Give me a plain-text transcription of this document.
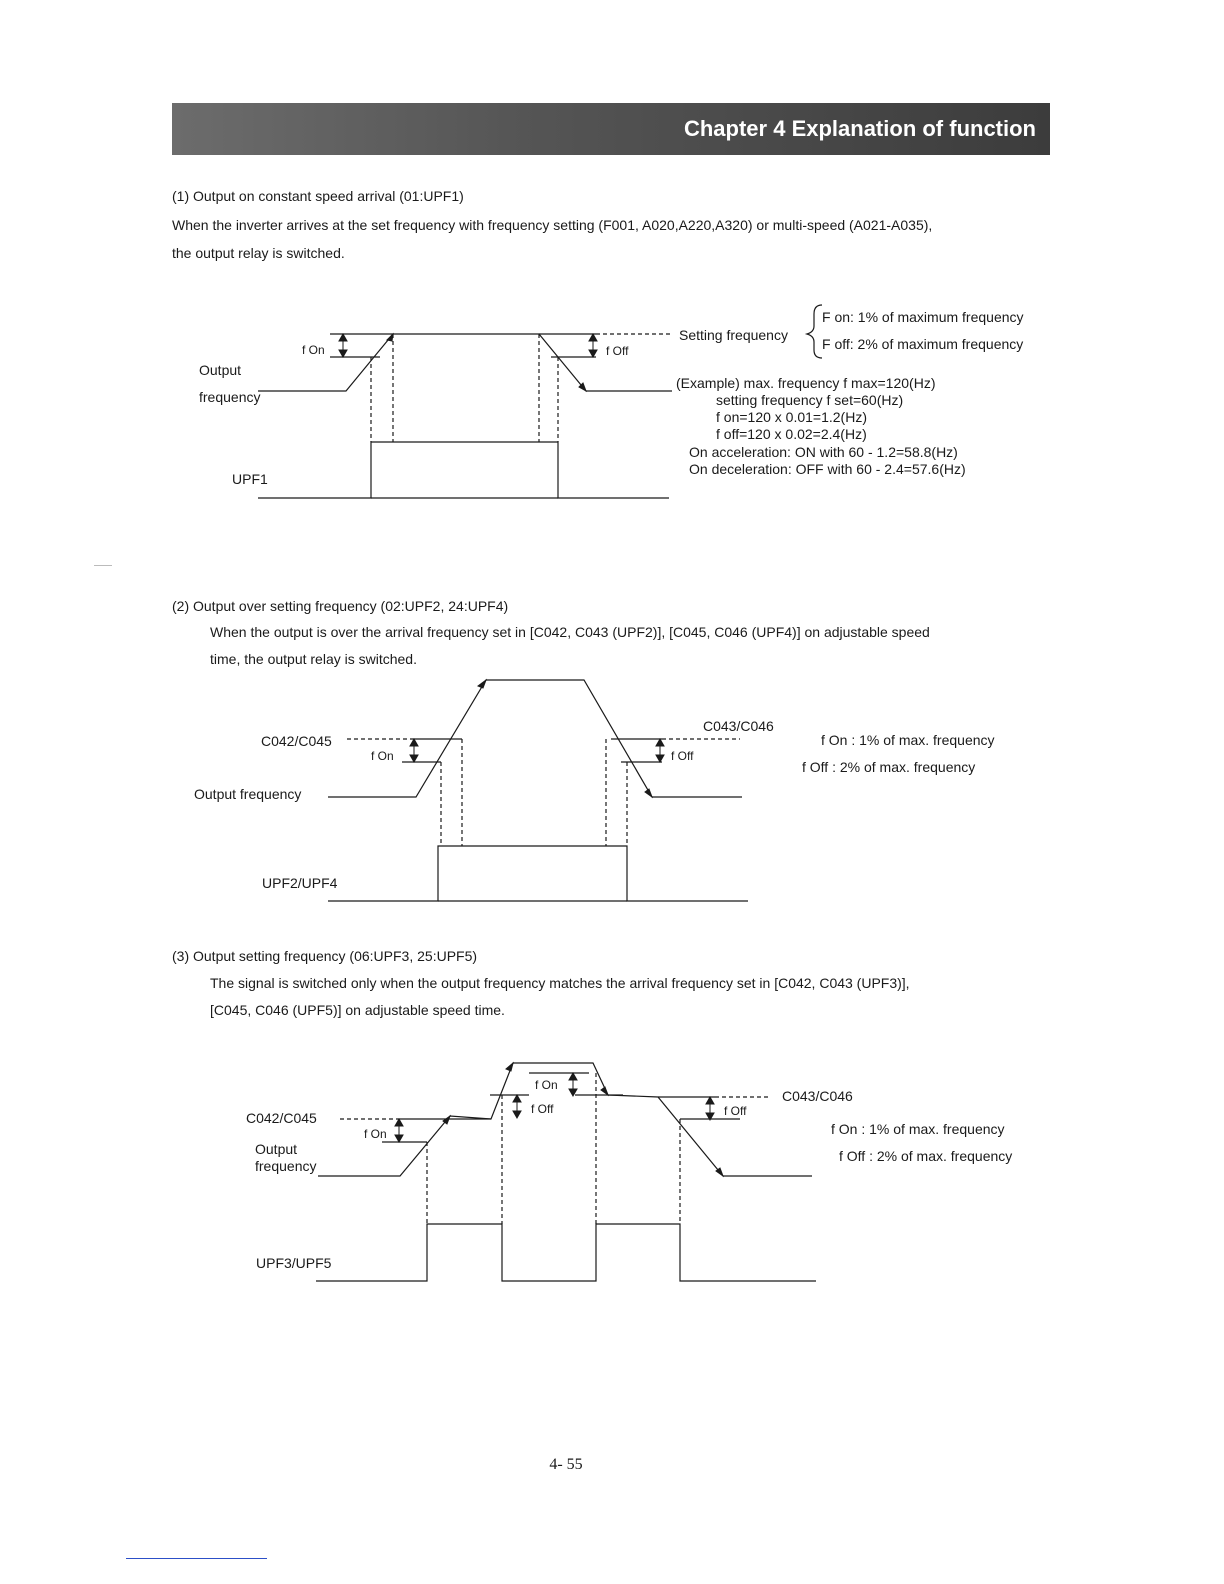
Chapter 4 Explanation of function
(1) Output on constant speed arrival (01:UPF1)
When the inverter arrives at the set frequency with frequency setting (F001, A020,A220,A320) or multi-speed (A021-A035),
the output relay is switched.
f On	f Off
Output
frequency
UPF1
Setting frequency
F on: 1% of maximum frequency
F off: 2% of maximum frequency
(Example) max. frequency f max=120(Hz)
setting frequency f set=60(Hz)
f on=120 x 0.01=1.2(Hz)
f off=120 x 0.02=2.4(Hz)
On acceleration: ON with 60 - 1.2=58.8(Hz)
On deceleration: OFF with 60 - 2.4=57.6(Hz)
(2) Output over setting frequency (02:UPF2, 24:UPF4)
When the output is over the arrival frequency set in [C042, C043 (UPF2)], [C045, C046 (UPF4)] on adjustable speed
time, the output relay is switched.
C042/C045
C043/C046
f On	f Off
Output frequency
UPF2/UPF4
f On : 1% of max. frequency
f Off : 2% of max. frequency
(3) Output setting frequency (06:UPF3, 25:UPF5)
The signal is switched only when the output frequency matches the arrival frequency set in [C042, C043 (UPF3)],
[C045, C046 (UPF5)] on adjustable speed time.
C042/C045
C043/C046
f On
f On
f Off	f Off
Output
frequency
UPF3/UPF5
f On : 1% of max. frequency
f Off : 2% of max. frequency
4- 55
